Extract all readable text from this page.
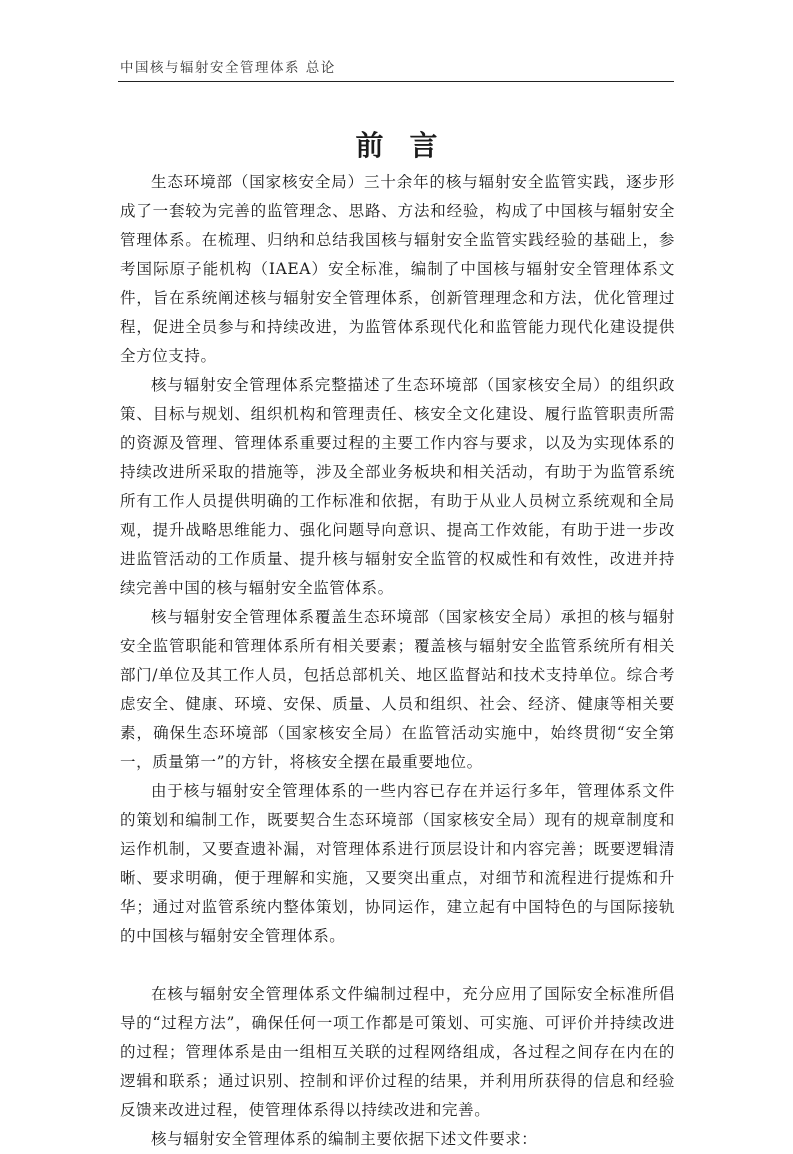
中国核与辐射安全管理体系 总论
前言

生态环境部（国家核安全局）三十余年的核与辐射安全监管实践，逐步形成了一套较为完善的监管理念、思路、方法和经验，构成了中国核与辐射安全管理体系。在梳理、归纳和总结我国核与辐射安全监管实践经验的基础上，参考国际原子能机构（IAEA）安全标准，编制了中国核与辐射安全管理体系文件，旨在系统阐述核与辐射安全管理体系，创新管理理念和方法，优化管理过程，促进全员参与和持续改进，为监管体系现代化和监管能力现代化建设提供全方位支持。

核与辐射安全管理体系完整描述了生态环境部（国家核安全局）的组织政策、目标与规划、组织机构和管理责任、核安全文化建设、履行监管职责所需的资源及管理、管理体系重要过程的主要工作内容与要求，以及为实现体系的持续改进所采取的措施等，涉及全部业务板块和相关活动，有助于为监管系统所有工作人员提供明确的工作标准和依据，有助于从业人员树立系统观和全局观，提升战略思维能力、强化问题导向意识、提高工作效能，有助于进一步改进监管活动的工作质量、提升核与辐射安全监管的权威性和有效性，改进并持续完善中国的核与辐射安全监管体系。

核与辐射安全管理体系覆盖生态环境部（国家核安全局）承担的核与辐射安全监管职能和管理体系所有相关要素；覆盖核与辐射安全监管系统所有相关部门/单位及其工作人员，包括总部机关、地区监督站和技术支持单位。综合考虑安全、健康、环境、安保、质量、人员和组织、社会、经济、健康等相关要素，确保生态环境部（国家核安全局）在监管活动实施中，始终贯彻“安全第一，质量第一”的方针，将核安全摆在最重要地位。

由于核与辐射安全管理体系的一些内容已存在并运行多年，管理体系文件的策划和编制工作，既要契合生态环境部（国家核安全局）现有的规章制度和运作机制，又要查遗补漏，对管理体系进行顶层设计和内容完善；既要逻辑清晰、要求明确，便于理解和实施，又要突出重点，对细节和流程进行提炼和升华；通过对监管系统内整体策划，协同运作，建立起有中国特色的与国际接轨的中国核与辐射安全管理体系。

在核与辐射安全管理体系文件编制过程中，充分应用了国际安全标准所倡导的“过程方法”，确保任何一项工作都是可策划、可实施、可评价并持续改进的过程；管理体系是由一组相互关联的过程网络组成，各过程之间存在内在的逻辑和联系；通过识别、控制和评价过程的结果，并利用所获得的信息和经验反馈来改进过程，使管理体系得以持续改进和完善。

核与辐射安全管理体系的编制主要依据下述文件要求：
